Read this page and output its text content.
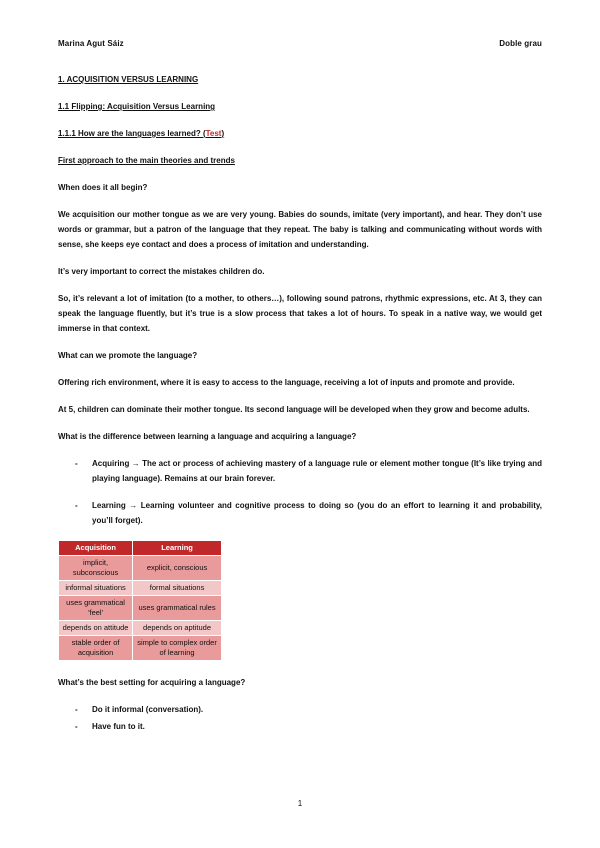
Marina Agut Sáiz	Doble grau
1. ACQUISITION VERSUS LEARNING
1.1 Flipping: Acquisition Versus Learning
1.1.1 How are the languages learned? (Test)
First approach to the main theories and trends
When does it all begin?
We acquisition our mother tongue as we are very young. Babies do sounds, imitate (very important), and hear. They don’t use words or grammar, but a patron of the language that they repeat. The baby is talking and communicating without words with sense, she keeps eye contact and does a process of imitation and understanding.
It’s very important to correct the mistakes children do.
So, it’s relevant a lot of imitation (to a mother, to others…), following sound patrons, rhythmic expressions, etc. At 3, they can speak the language fluently, but it’s true is a slow process that takes a lot of hours. To speak in a native way, we would get immerse in that context.
What can we promote the language?
Offering rich environment, where it is easy to access to the language, receiving a lot of inputs and promote and provide.
At 5, children can dominate their mother tongue. Its second language will be developed when they grow and become adults.
What is the difference between learning a language and acquiring a language?
- Acquiring → The act or process of achieving mastery of a language rule or element mother tongue (It’s like trying and playing language). Remains at our brain forever.
- Learning → Learning volunteer and cognitive process to doing so (you do an effort to learning it and probability, you’ll forget).
Acquisition	Learning
implicit, subconscious	explicit, conscious
informal situations	formal situations
uses grammatical 'feel'	uses grammatical rules
depends on attitude	depends on aptitude
stable order of acquisition	simple to complex order of learning
What’s the best setting for acquiring a language?
- Do it informal (conversation).
- Have fun to it.
1
